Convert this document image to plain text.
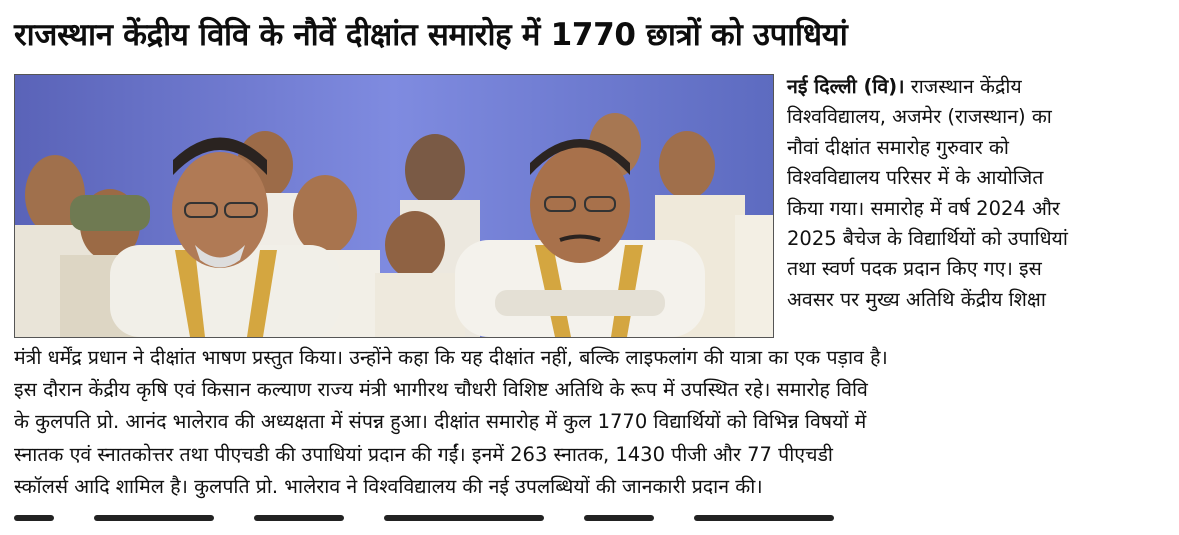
राजस्थान केंद्रीय विवि के नौवें दीक्षांत समारोह में 1770 छात्रों को उपाधियां
नई दिल्ली (वि)। राजस्थान केंद्रीय
विश्वविद्यालय, अजमेर (राजस्थान) का
नौवां दीक्षांत समारोह गुरुवार को
विश्वविद्यालय परिसर में के आयोजित
किया गया। समारोह में वर्ष 2024 और
2025 बैचेज के विद्यार्थियों को उपाधियां
तथा स्वर्ण पदक प्रदान किए गए। इस
अवसर पर मुख्य अतिथि केंद्रीय शिक्षा
मंत्री धर्मेंद्र प्रधान ने दीक्षांत भाषण प्रस्तुत किया। उन्होंने कहा कि यह दीक्षांत नहीं, बल्कि लाइफलांग की यात्रा का एक पड़ाव है।
इस दौरान केंद्रीय कृषि एवं किसान कल्याण राज्य मंत्री भागीरथ चौधरी विशिष्ट अतिथि के रूप में उपस्थित रहे। समारोह विवि
के कुलपति प्रो. आनंद भालेराव की अध्यक्षता में संपन्न हुआ। दीक्षांत समारोह में कुल 1770 विद्यार्थियों को विभिन्न विषयों में
स्नातक एवं स्नातकोत्तर तथा पीएचडी की उपाधियां प्रदान की गईं। इनमें 263 स्नातक, 1430 पीजी और 77 पीएचडी
स्कॉलर्स आदि शामिल है। कुलपति प्रो. भालेराव ने विश्वविद्यालय की नई उपलब्धियों की जानकारी प्रदान की।
